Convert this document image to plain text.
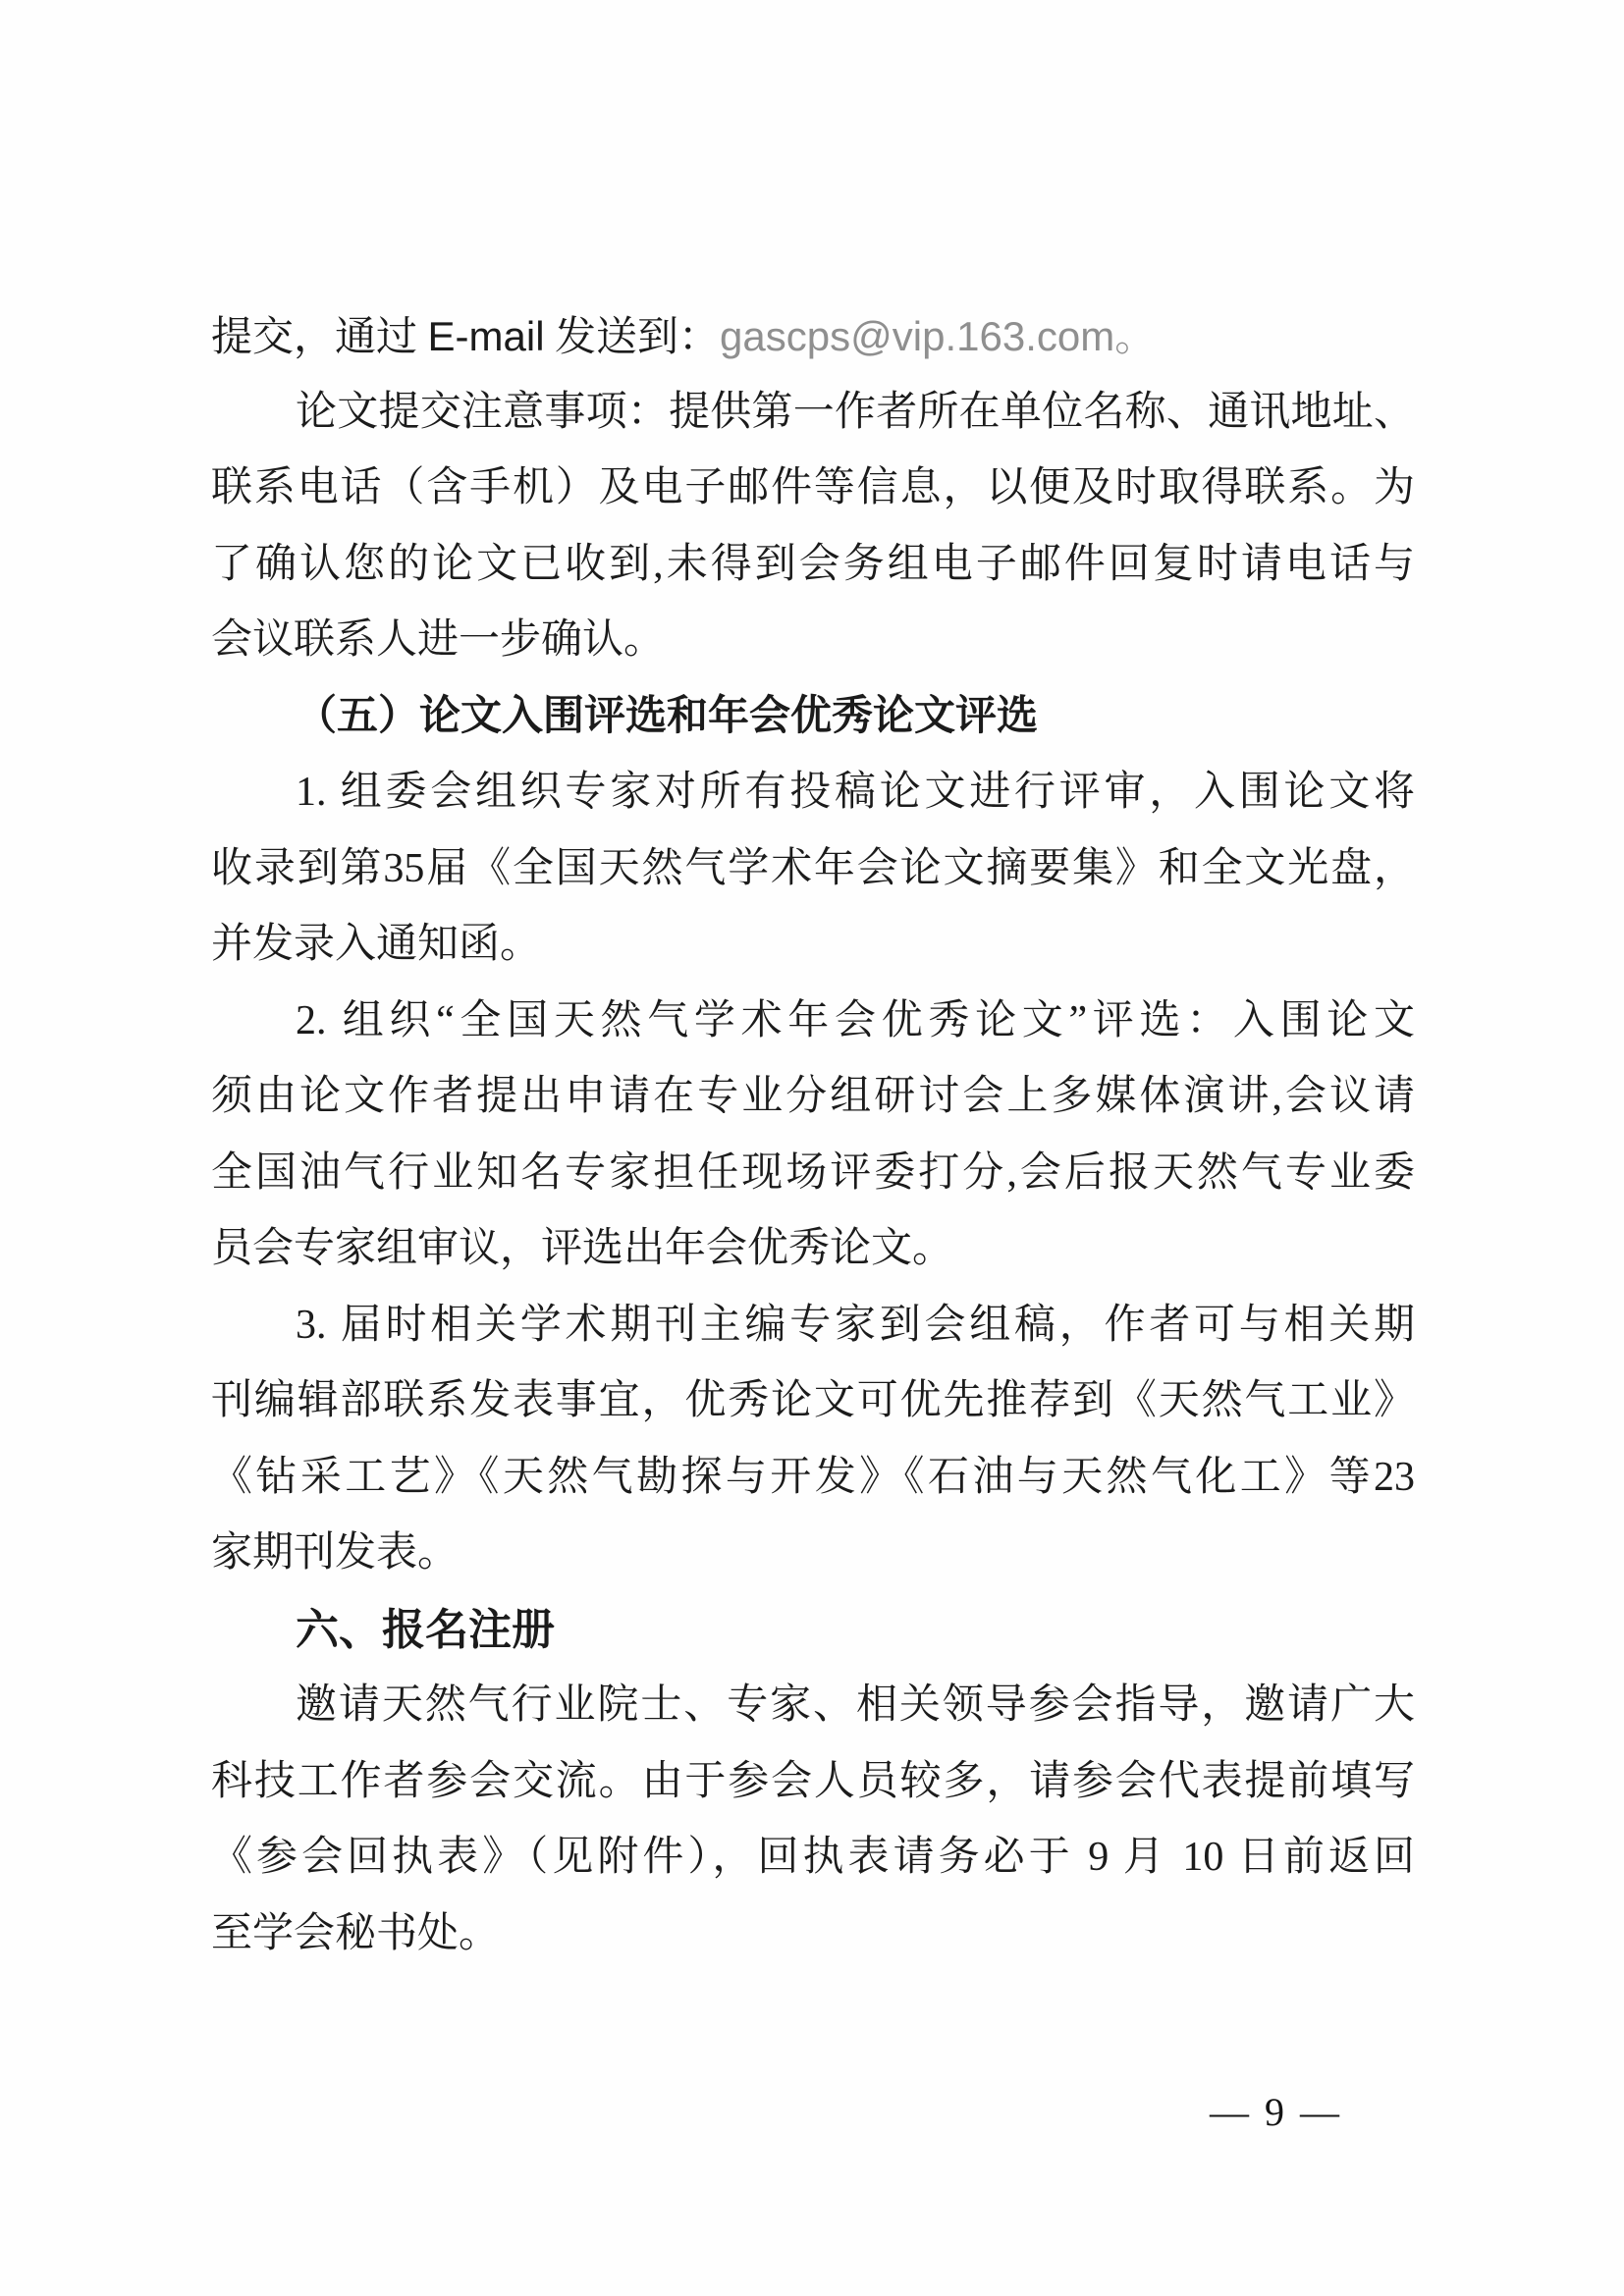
提交，通过 E-mail 发送到：gascps@vip.163.com。
论文提交注意事项：提供第一作者所在单位名称、通讯地址、
联系电话（含手机）及电子邮件等信息，以便及时取得联系。为
了确认您的论文已收到,未得到会务组电子邮件回复时请电话与
会议联系人进一步确认。
（五）论文入围评选和年会优秀论文评选
1. 组委会组织专家对所有投稿论文进行评审，入围论文将
收录到第35届《全国天然气学术年会论文摘要集》和全文光盘，
并发录入通知函。
2. 组织“全国天然气学术年会优秀论文”评选：入围论文
须由论文作者提出申请在专业分组研讨会上多媒体演讲,会议请
全国油气行业知名专家担任现场评委打分,会后报天然气专业委
员会专家组审议，评选出年会优秀论文。
3. 届时相关学术期刊主编专家到会组稿，作者可与相关期
刊编辑部联系发表事宜，优秀论文可优先推荐到《天然气工业》
《钻采工艺》《天然气勘探与开发》《石油与天然气化工》等23
家期刊发表。
六、报名注册
邀请天然气行业院士、专家、相关领导参会指导，邀请广大
科技工作者参会交流。由于参会人员较多，请参会代表提前填写
《参会回执表》（见附件），回执表请务必于 9 月 10 日前返回
至学会秘书处。
— 9 —
